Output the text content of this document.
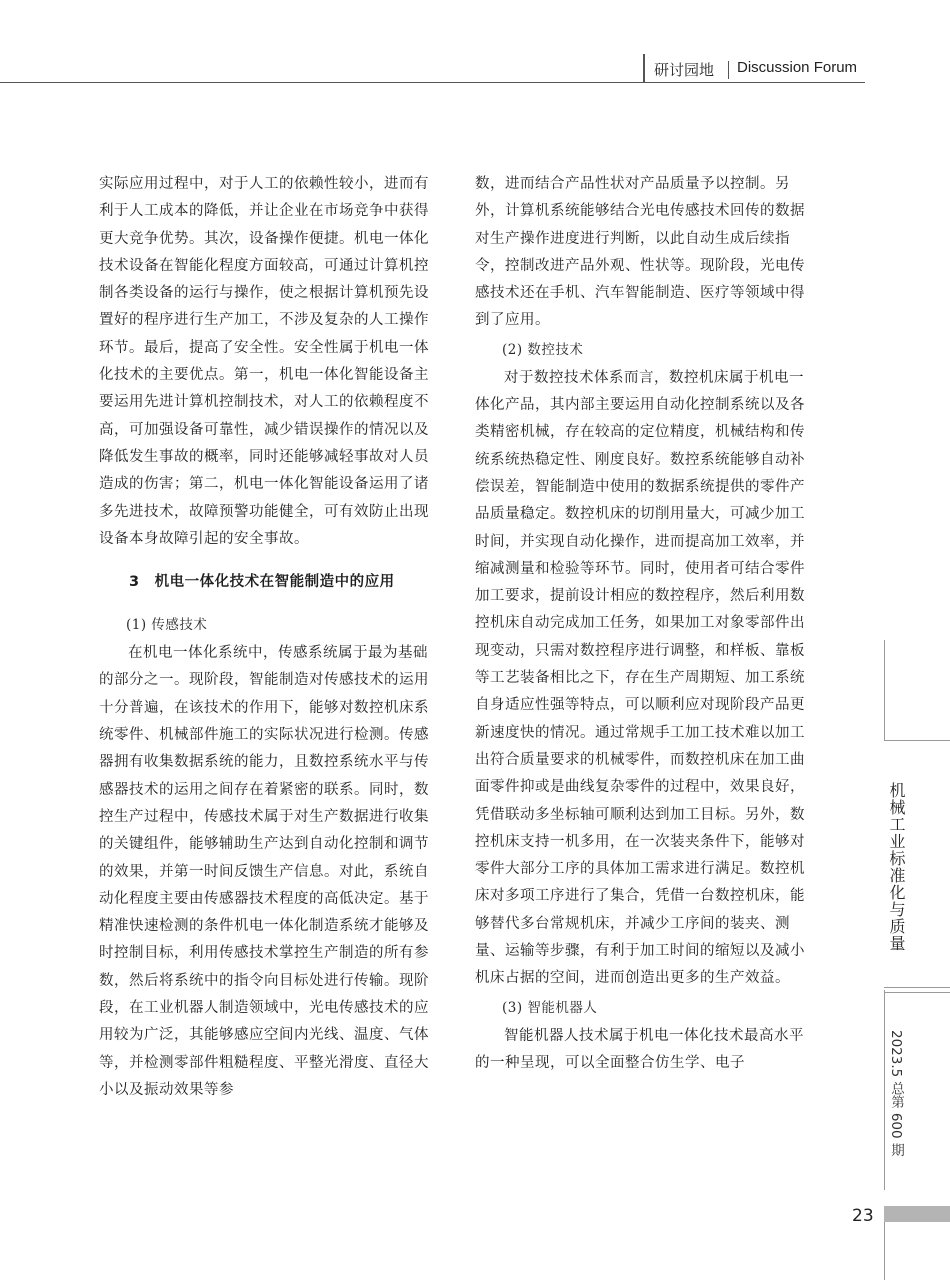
研讨园地 Discussion Forum

实际应用过程中，对于人工的依赖性较小，进而有利于人工成本的降低，并让企业在市场竞争中获得更大竞争优势。其次，设备操作便捷。机电一体化技术设备在智能化程度方面较高，可通过计算机控制各类设备的运行与操作，使之根据计算机预先设置好的程序进行生产加工，不涉及复杂的人工操作环节。最后，提高了安全性。安全性属于机电一体化技术的主要优点。第一，机电一体化智能设备主要运用先进计算机控制技术，对人工的依赖程度不高，可加强设备可靠性，减少错误操作的情况以及降低发生事故的概率，同时还能够减轻事故对人员造成的伤害；第二，机电一体化智能设备运用了诸多先进技术，故障预警功能健全，可有效防止出现设备本身故障引起的安全事故。

3　机电一体化技术在智能制造中的应用

(1) 传感技术

在机电一体化系统中，传感系统属于最为基础的部分之一。现阶段，智能制造对传感技术的运用十分普遍，在该技术的作用下，能够对数控机床系统零件、机械部件施工的实际状况进行检测。传感器拥有收集数据系统的能力，且数控系统水平与传感器技术的运用之间存在着紧密的联系。同时，数控生产过程中，传感技术属于对生产数据进行收集的关键组件，能够辅助生产达到自动化控制和调节的效果，并第一时间反馈生产信息。对此，系统自动化程度主要由传感器技术程度的高低决定。基于精准快速检测的条件机电一体化制造系统才能够及时控制目标，利用传感技术掌控生产制造的所有参数，然后将系统中的指令向目标处进行传输。现阶段，在工业机器人制造领域中，光电传感技术的应用较为广泛，其能够感应空间内光线、温度、气体等，并检测零部件粗糙程度、平整光滑度、直径大小以及振动效果等参

数，进而结合产品性状对产品质量予以控制。另外，计算机系统能够结合光电传感技术回传的数据对生产操作进度进行判断，以此自动生成后续指令，控制改进产品外观、性状等。现阶段，光电传感技术还在手机、汽车智能制造、医疗等领域中得到了应用。

(2) 数控技术

对于数控技术体系而言，数控机床属于机电一体化产品，其内部主要运用自动化控制系统以及各类精密机械，存在较高的定位精度，机械结构和传统系统热稳定性、刚度良好。数控系统能够自动补偿误差，智能制造中使用的数据系统提供的零件产品质量稳定。数控机床的切削用量大，可减少加工时间，并实现自动化操作，进而提高加工效率，并缩减测量和检验等环节。同时，使用者可结合零件加工要求，提前设计相应的数控程序，然后利用数控机床自动完成加工任务，如果加工对象零部件出现变动，只需对数控程序进行调整，和样板、靠板等工艺装备相比之下，存在生产周期短、加工系统自身适应性强等特点，可以顺利应对现阶段产品更新速度快的情况。通过常规手工加工技术难以加工出符合质量要求的机械零件，而数控机床在加工曲面零件抑或是曲线复杂零件的过程中，效果良好，凭借联动多坐标轴可顺利达到加工目标。另外，数控机床支持一机多用，在一次装夹条件下，能够对零件大部分工序的具体加工需求进行满足。数控机床对多项工序进行了集合，凭借一台数控机床，能够替代多台常规机床，并减少工序间的装夹、测量、运输等步骤，有利于加工时间的缩短以及减小机床占据的空间，进而创造出更多的生产效益。

(3) 智能机器人

智能机器人技术属于机电一体化技术最高水平的一种呈现，可以全面整合仿生学、电子

机械工业标准化与质量
2023.5 总第 600 期
23
